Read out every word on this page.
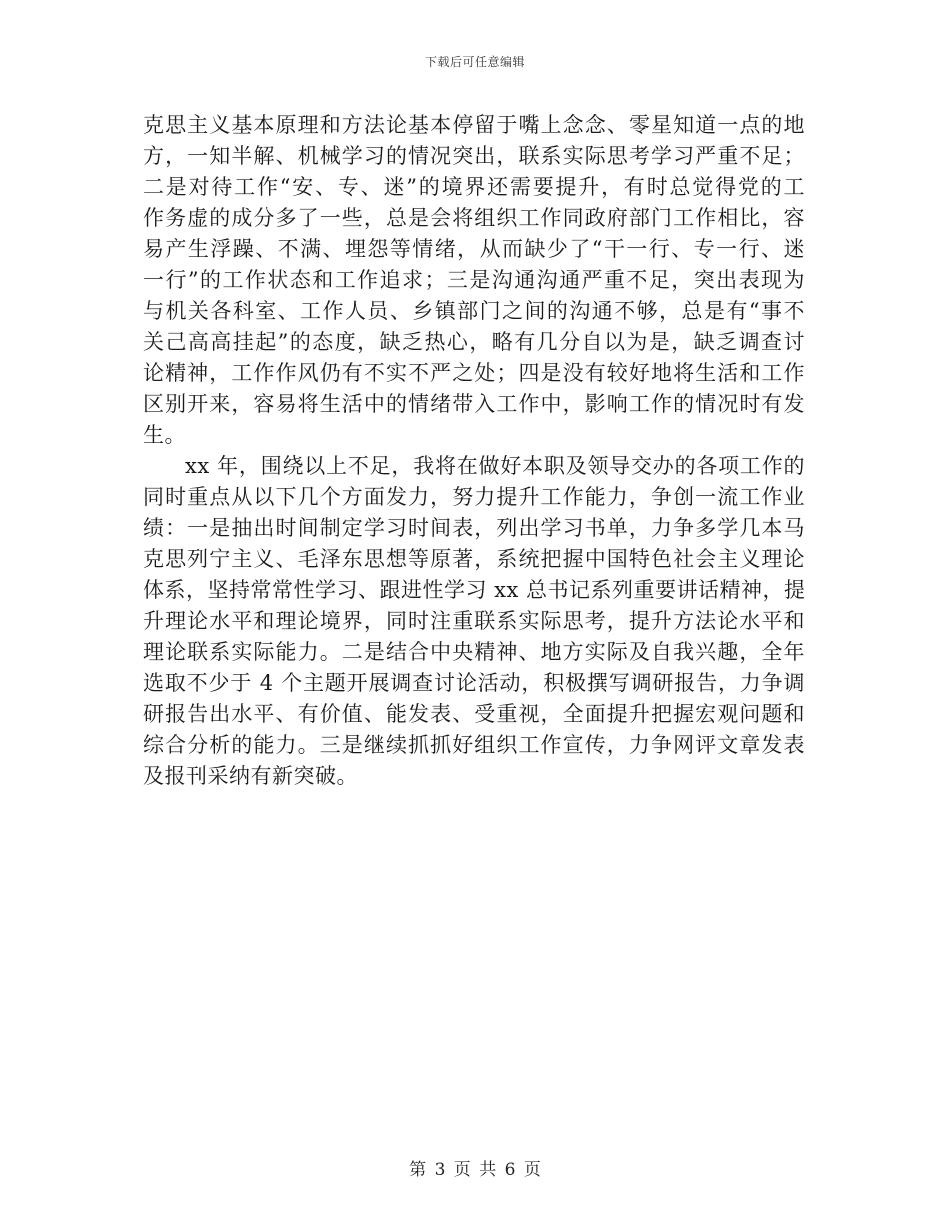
下载后可任意编辑

克思主义基本原理和方法论基本停留于嘴上念念、零星知道一点的地

方，一知半解、机械学习的情况突出，联系实际思考学习严重不足；

二是对待工作“安、专、迷”的境界还需要提升，有时总觉得党的工

作务虚的成分多了一些，总是会将组织工作同政府部门工作相比，容

易产生浮躁、不满、埋怨等情绪，从而缺少了“干一行、专一行、迷

一行”的工作状态和工作追求；三是沟通沟通严重不足，突出表现为

与机关各科室、工作人员、乡镇部门之间的沟通不够，总是有“事不

关己高高挂起”的态度，缺乏热心，略有几分自以为是，缺乏调查讨

论精神，工作作风仍有不实不严之处；四是没有较好地将生活和工作

区别开来，容易将生活中的情绪带入工作中，影响工作的情况时有发

生。

xx 年，围绕以上不足，我将在做好本职及领导交办的各项工作的

同时重点从以下几个方面发力，努力提升工作能力，争创一流工作业

绩：一是抽出时间制定学习时间表，列出学习书单，力争多学几本马

克思列宁主义、毛泽东思想等原著，系统把握中国特色社会主义理论

体系，坚持常常性学习、跟进性学习 xx 总书记系列重要讲话精神，提

升理论水平和理论境界，同时注重联系实际思考，提升方法论水平和

理论联系实际能力。二是结合中央精神、地方实际及自我兴趣，全年

选取不少于 4 个主题开展调查讨论活动，积极撰写调研报告，力争调

研报告出水平、有价值、能发表、受重视，全面提升把握宏观问题和

综合分析的能力。三是继续抓抓好组织工作宣传，力争网评文章发表

及报刊采纳有新突破。

第 3 页 共 6 页
